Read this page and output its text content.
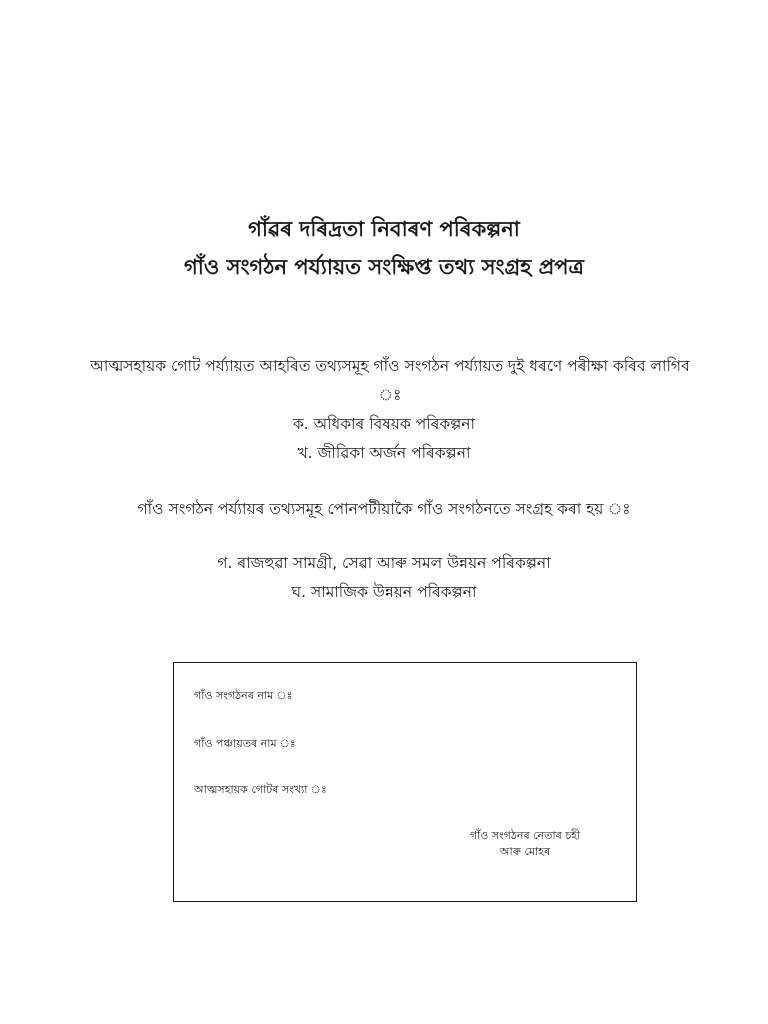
গাঁৱৰ দৰিদ্ৰতা নিবাৰণ পৰিকল্পনা
গাঁও সংগঠন পৰ্য্যায়ত সংক্ষিপ্ত তথ্য সংগ্ৰহ প্ৰপত্ৰ
আত্মসহায়ক গোট পৰ্য্যায়ত আহৰিত তথ্যসমূহ গাঁও সংগঠন পৰ্য্যায়ত দুই ধৰণে পৰীক্ষা কৰিব লাগিব ঃ
ক. অধিকাৰ বিষয়ক পৰিকল্পনা
খ. জীৱিকা অৰ্জন পৰিকল্পনা
গাঁও সংগঠন পৰ্য্যায়ৰ তথ্যসমূহ পোনপটীয়াকৈ গাঁও সংগঠনতে সংগ্ৰহ কৰা হয় ঃ
গ. ৰাজহুৱা সামগ্ৰী, সেৱা আৰু সমল উন্নয়ন পৰিকল্পনা
ঘ. সামাজিক উন্নয়ন পৰিকল্পনা
গাঁও সংগঠনৰ নাম ঃ
গাঁও পঞ্চায়তৰ নাম ঃ
আত্মসহায়ক গোটৰ সংখ্যা ঃ
গাঁও সংগঠনৰ নেতাৰ চহী
আৰু মোহৰ
